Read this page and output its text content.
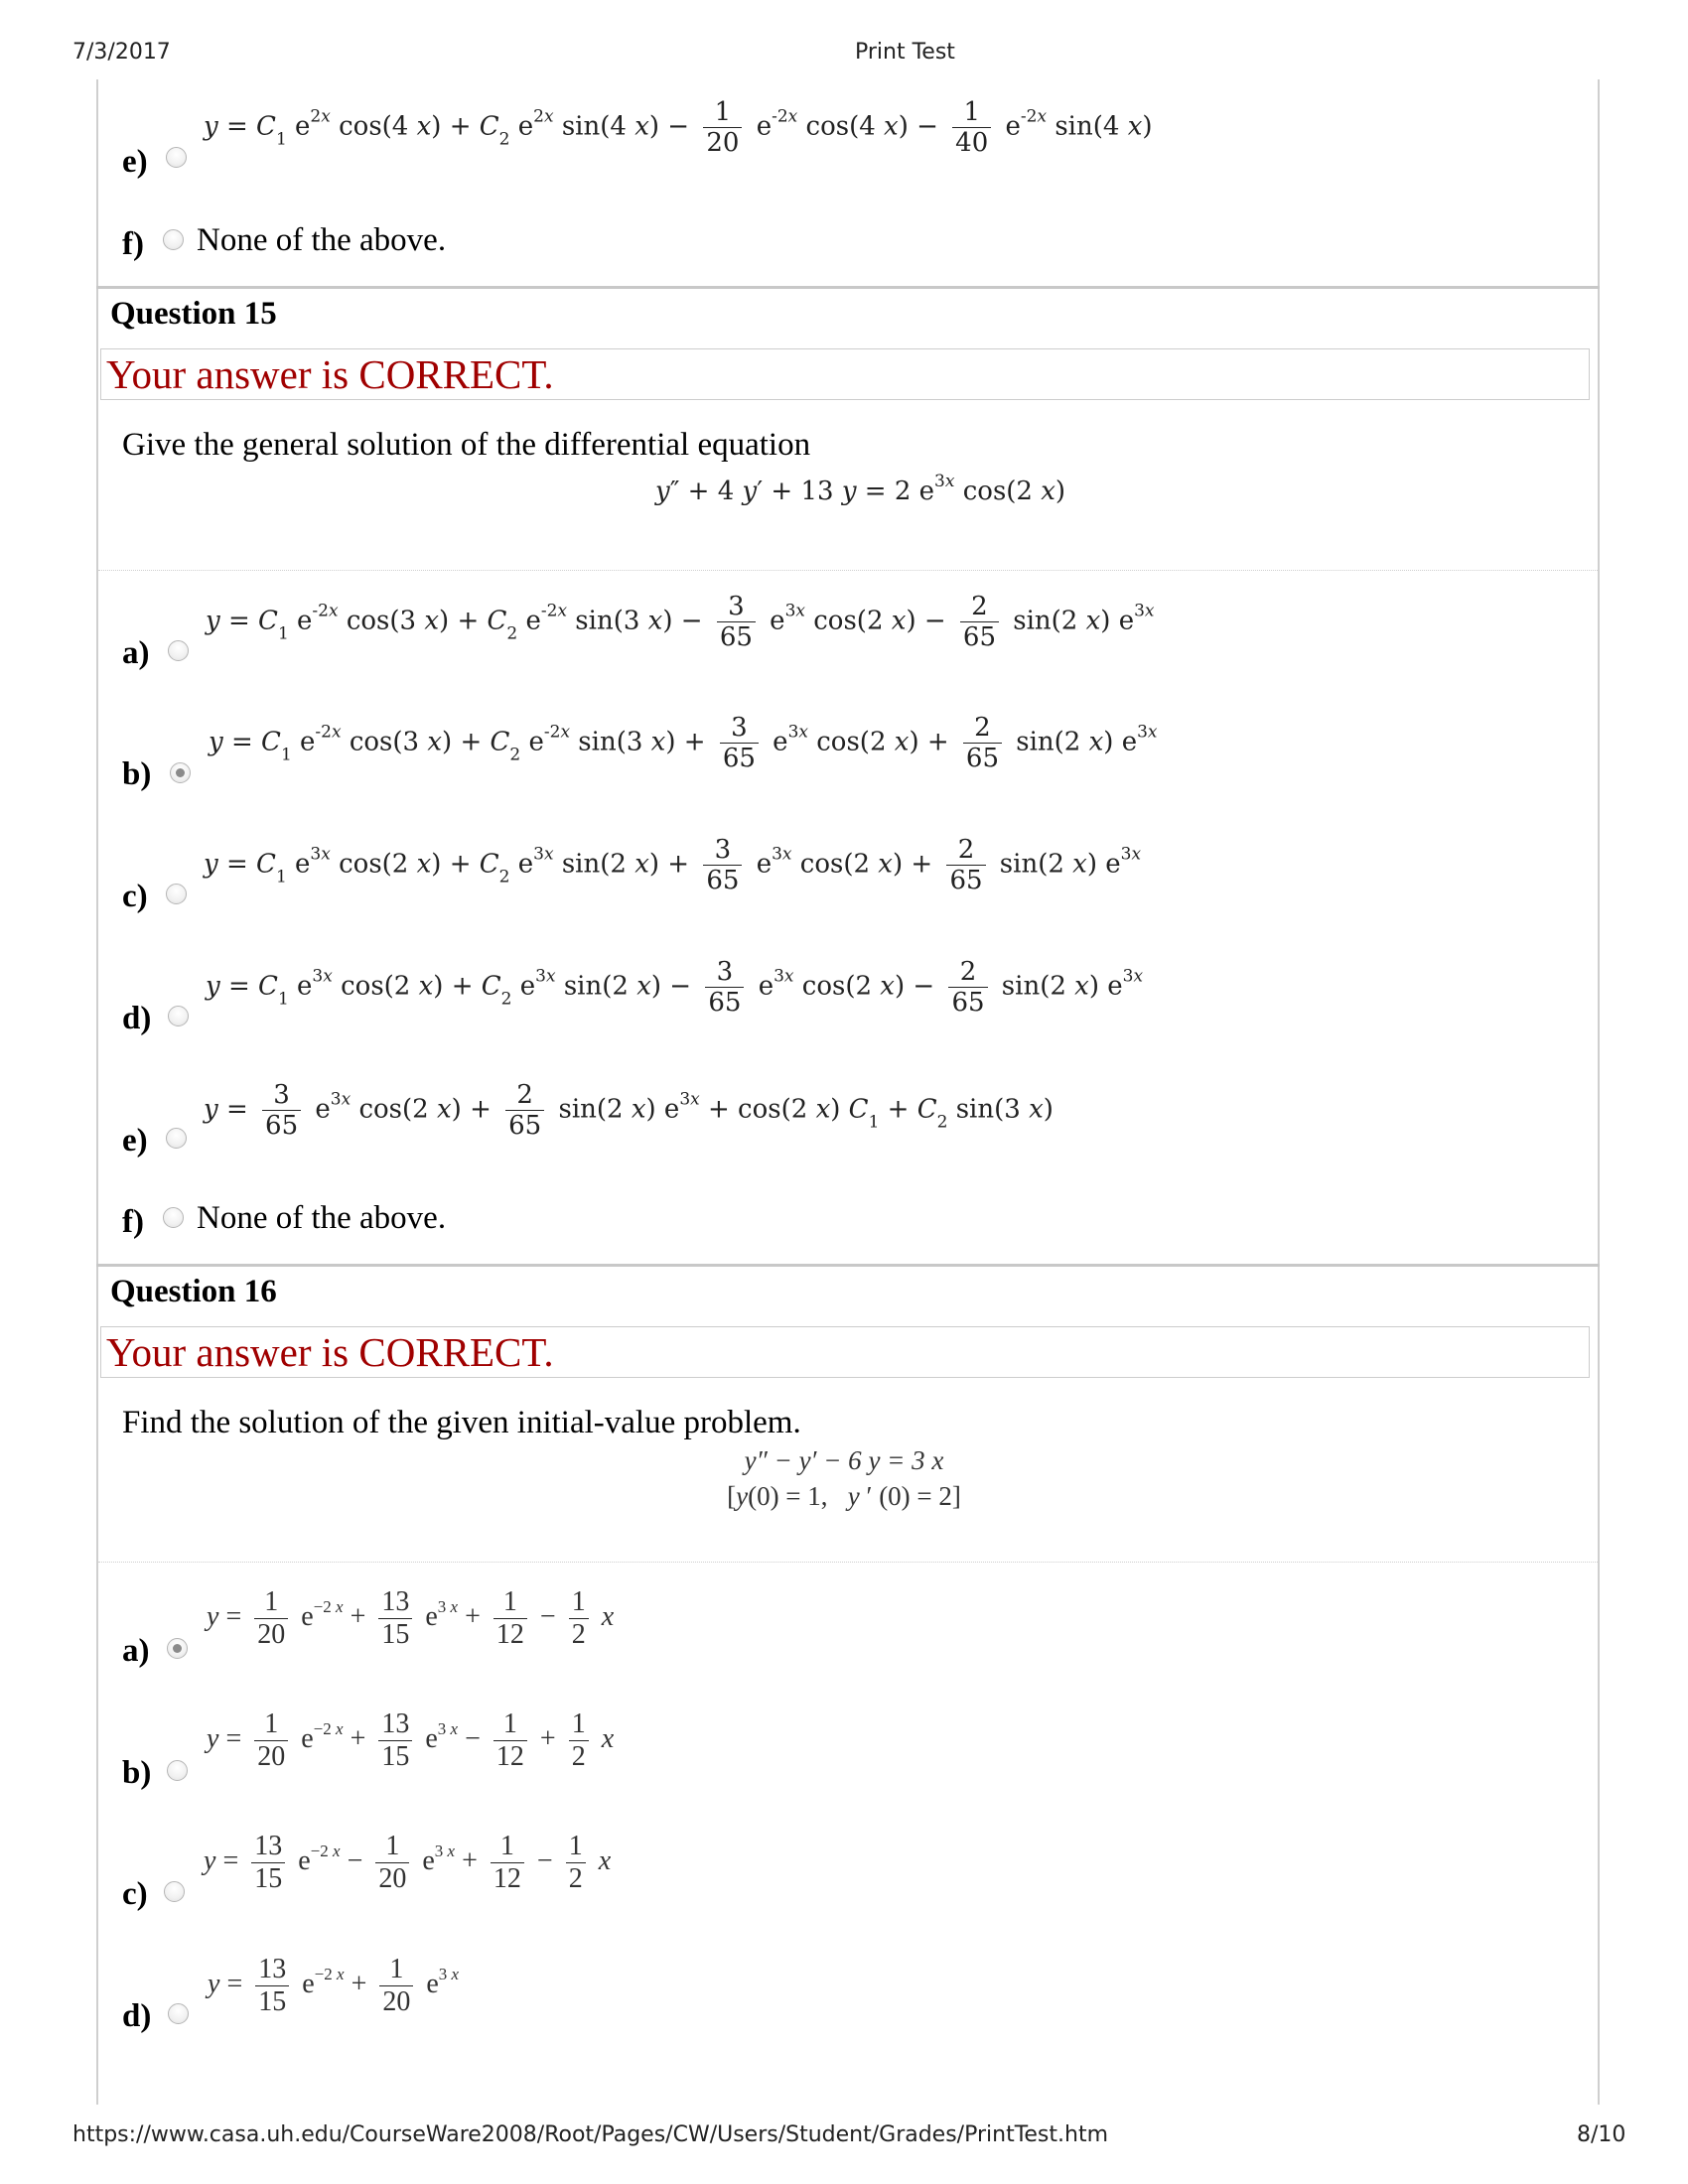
7/3/2017	Print Test
https://www.casa.uh.edu/CourseWare2008/Root/Pages/CW/Users/Student/Grades/PrintTest.htm	8/10
e)
$y = C_1$ $e^{2x}$ cos(4 $x) + C_2$ $e^{2x}$ sin(4 $x) - \frac{1}{20} e^{-2x}$ cos(4 $x) - \frac{1}{40} e^{-2x}$ sin(4 x)
f) None of the above.
Question 15
Your answer is CORRECT.
Give the general solution of the differential equation
y″ + 4 y′ + 13 y = 2 $e^{3x}$ cos(2 x)
a)
$y = C_1$ $e^{-2x}$ cos(3 $x) + C_2$ $e^{-2x}$ sin(3 $x) - \frac{3}{65} e^{3x}$ cos(2 $x) - \frac{2}{65} \sin(2$ x) $e^{3x}$
b)
$y = C_1$ $e^{-2x}$ cos(3 $x) + C_2$ $e^{-2x}$ sin(3 $x) + \frac{3}{65} e^{3x}$ cos(2 $x) + \frac{2}{65} \sin(2$ x) $e^{3x}$
c)
$y = C_1$ $e^{3x}$ cos(2 $x) + C_2$ $e^{3x}$ sin(2 $x) + \frac{3}{65} e^{3x}$ cos(2 $x) + \frac{2}{65} \sin(2$ x) $e^{3x}$
d)
$y = C_1$ $e^{3x}$ cos(2 $x) + C_2$ $e^{3x}$ sin(2 $x) - \frac{3}{65} e^{3x}$ cos(2 $x) - \frac{2}{65} \sin(2$ x) $e^{3x}$
e)
$y = \frac{3}{65} e^{3x}$ cos(2 $x) + \frac{2}{65} \sin(2$ x) $e^{3x} + \cos(2$ x) $C_1 + C_2$ sin(3 x)
f) None of the above.
Question 16
Your answer is CORRECT.
Find the solution of the given initial-value problem.
y″ − y′ − 6 y = 3 x
[y(0) = 1,   y ′ (0) = 2]
a)
$y = \frac{1}{20} e^{-2 x} + \frac{13}{15} e^{3 x} + \frac{1}{12} - \frac{1}{2}$ x
b)
$y = \frac{1}{20} e^{-2 x} + \frac{13}{15} e^{3 x} - \frac{1}{12} + \frac{1}{2}$ x
c)
$y = \frac{13}{15} e^{-2 x} - \frac{1}{20} e^{3 x} + \frac{1}{12} - \frac{1}{2}$ x
d)
$y = \frac{13}{15} e^{-2 x} + \frac{1}{20} e^{3 x}$
